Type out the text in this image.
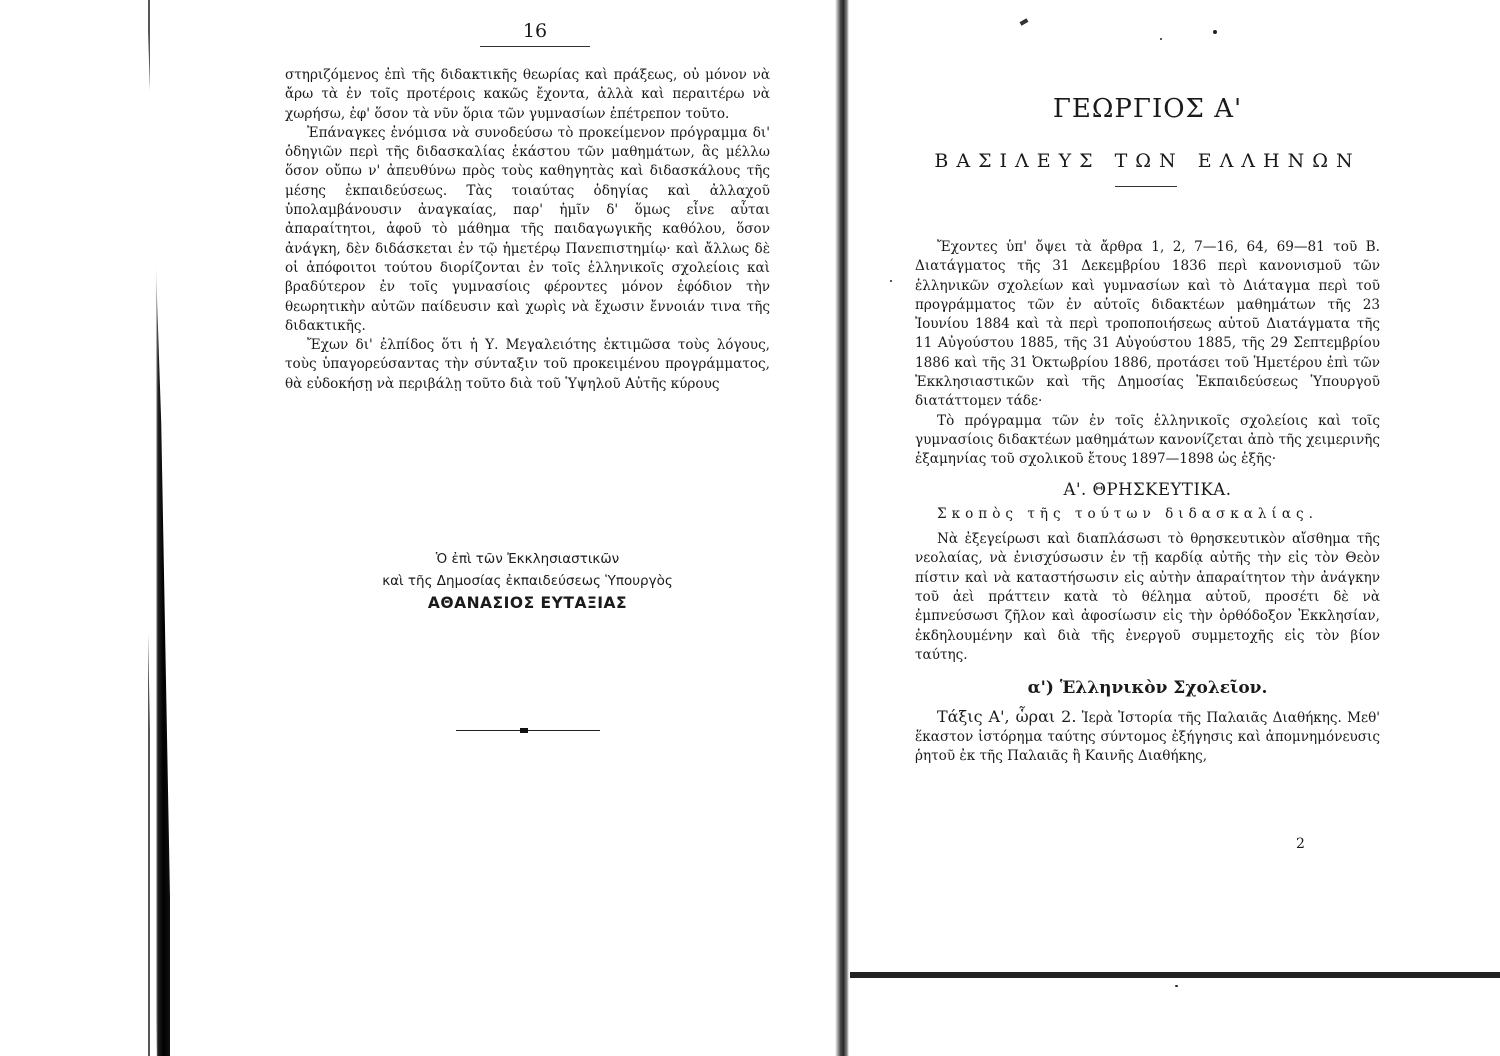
16

στηριζόμενος ἐπὶ τῆς διδακτικῆς θεωρίας καὶ πράξεως, οὐ μόνον νὰ ἄρω τὰ ἐν τοῖς προτέροις κακῶς ἔχοντα, ἀλλὰ καὶ περαιτέρω νὰ χωρήσω, ἐφ' ὅσον τὰ νῦν ὅρια τῶν γυμνασίων ἐπέτρεπον τοῦτο.

Ἐπάναγκες ἐνόμισα νὰ συνοδεύσω τὸ προκείμενον πρόγραμμα δι' ὁδηγιῶν περὶ τῆς διδασκαλίας ἑκάστου τῶν μαθημάτων, ἃς μέλλω ὅσον οὔπω ν' ἀπευθύνω πρὸς τοὺς καθηγητὰς καὶ διδασκάλους τῆς μέσης ἐκπαιδεύσεως. Τὰς τοιαύτας ὁδηγίας καὶ ἀλλαχοῦ ὑπολαμβάνουσιν ἀναγκαίας, παρ' ἡμῖν δ' ὅμως εἶνε αὗται ἀπαραίτητοι, ἀφοῦ τὸ μάθημα τῆς παιδαγωγικῆς καθόλου, ὅσον ἀνάγκη, δὲν διδάσκεται ἐν τῷ ἡμετέρῳ Πανεπιστημίῳ· καὶ ἄλλως δὲ οἱ ἀπόφοιτοι τούτου διορίζονται ἐν τοῖς ἑλληνικοῖς σχολείοις καὶ βραδύτερον ἐν τοῖς γυμνασίοις φέροντες μόνον ἐφόδιον τὴν θεωρητικὴν αὐτῶν παίδευσιν καὶ χωρὶς νὰ ἔχωσιν ἔννοιάν τινα τῆς διδακτικῆς.

Ἔχων δι' ἐλπίδος ὅτι ἡ Υ. Μεγαλειότης ἐκτιμῶσα τοὺς λόγους, τοὺς ὑπαγορεύσαντας τὴν σύνταξιν τοῦ προκειμένου προγράμματος, θὰ εὐδοκήσῃ νὰ περιβάλῃ τοῦτο διὰ τοῦ Ὑψηλοῦ Αὐτῆς κύρους

Ὁ ἐπὶ τῶν Ἐκκλησιαστικῶν
καὶ τῆς Δημοσίας ἐκπαιδεύσεως Ὑπουργὸς
ΑΘΑΝΑΣΙΟΣ ΕΥΤΑΞΙΑΣ
ΓΕΩΡΓΙΟΣ Α'
ΒΑΣΙΛΕΥΣ ΤΩΝ ΕΛΛΗΝΩΝ

Ἔχοντες ὑπ' ὄψει τὰ ἄρθρα 1, 2, 7—16, 64, 69—81 τοῦ Β. Διατάγματος τῆς 31 Δεκεμβρίου 1836 περὶ κανονισμοῦ τῶν ἑλληνικῶν σχολείων καὶ γυμνασίων καὶ τὸ Διάταγμα περὶ τοῦ προγράμματος τῶν ἐν αὐτοῖς διδακτέων μαθημάτων τῆς 23 Ἰουνίου 1884 καὶ τὰ περὶ τροποποιήσεως αὐτοῦ Διατάγματα τῆς 11 Αὐγούστου 1885, τῆς 31 Αὐγούστου 1885, τῆς 29 Σεπτεμβρίου 1886 καὶ τῆς 31 Ὀκτωβρίου 1886, προτάσει τοῦ Ἡμετέρου ἐπὶ τῶν Ἐκκλησιαστικῶν καὶ τῆς Δημοσίας Ἐκπαιδεύσεως Ὑπουργοῦ διατάττομεν τάδε·

Τὸ πρόγραμμα τῶν ἐν τοῖς ἑλληνικοῖς σχολείοις καὶ τοῖς γυμνασίοις διδακτέων μαθημάτων κανονίζεται ἀπὸ τῆς χειμερινῆς ἑξαμηνίας τοῦ σχολικοῦ ἔτους 1897—1898 ὡς ἑξῆς·

Α'. ΘΡΗΣΚΕΥΤΙΚΑ.
Σκοπὸς τῆς τούτων διδασκαλίας.

Νὰ ἐξεγείρωσι καὶ διαπλάσωσι τὸ θρησκευτικὸν αἴσθημα τῆς νεολαίας, νὰ ἐνισχύσωσιν ἐν τῇ καρδίᾳ αὐτῆς τὴν εἰς τὸν Θεὸν πίστιν καὶ νὰ καταστήσωσιν εἰς αὐτὴν ἀπαραίτητον τὴν ἀνάγκην τοῦ ἀεὶ πράττειν κατὰ τὸ θέλημα αὐτοῦ, προσέτι δὲ νὰ ἐμπνεύσωσι ζῆλον καὶ ἀφοσίωσιν εἰς τὴν ὀρθόδοξον Ἐκκλησίαν, ἐκδηλουμένην καὶ διὰ τῆς ἐνεργοῦ συμμετοχῆς εἰς τὸν βίον ταύτης.

α') Ἑλληνικὸν Σχολεῖον.

Τάξις Α', ὧραι 2. Ἱερὰ Ἱστορία τῆς Παλαιᾶς Διαθήκης. Μεθ' ἕκαστον ἱστόρημα ταύτης σύντομος ἐξήγησις καὶ ἀπομνημόνευσις ῥητοῦ ἐκ τῆς Παλαιᾶς ἢ Καινῆς Διαθήκης,

2
